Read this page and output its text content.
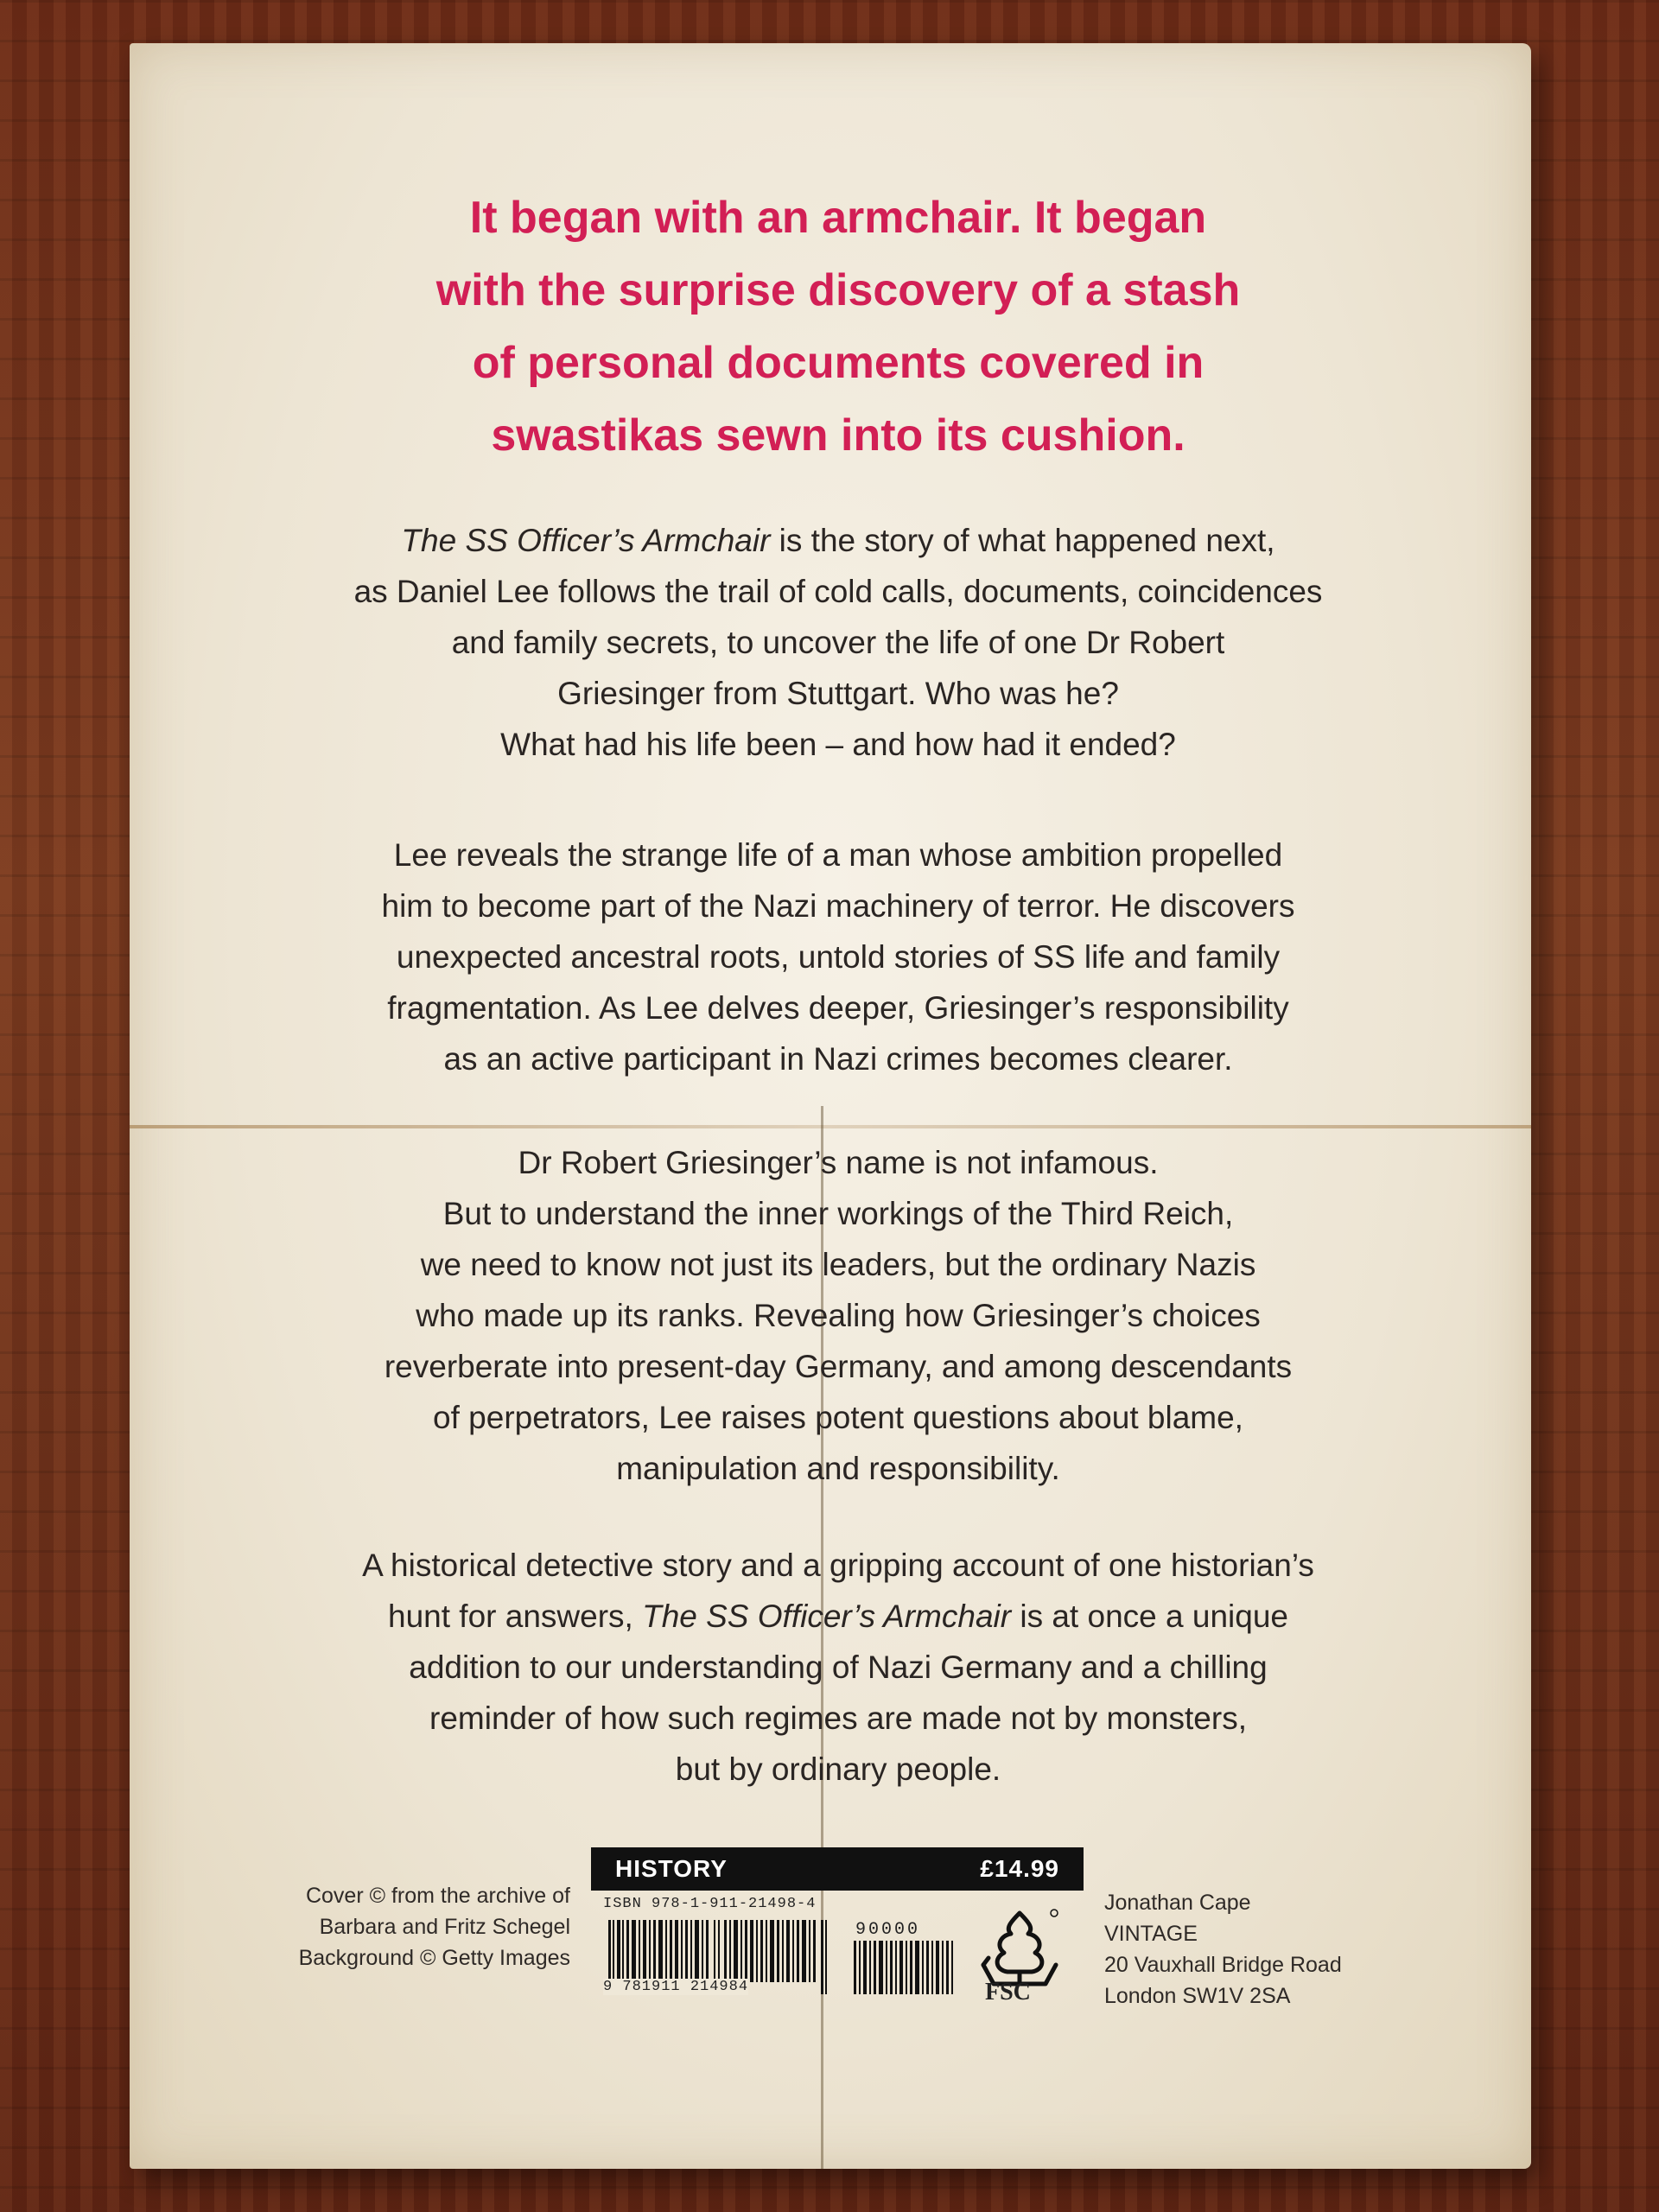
It began with an armchair. It began
with the surprise discovery of a stash
of personal documents covered in
swastikas sewn into its cushion.
The SS Officer’s Armchair is the story of what happened next,
as Daniel Lee follows the trail of cold calls, documents, coincidences
and family secrets, to uncover the life of one Dr Robert
Griesinger from Stuttgart. Who was he?
What had his life been – and how had it ended?
Lee reveals the strange life of a man whose ambition propelled
him to become part of the Nazi machinery of terror. He discovers
unexpected ancestral roots, untold stories of SS life and family
fragmentation. As Lee delves deeper, Griesinger’s responsibility
as an active participant in Nazi crimes becomes clearer.
Dr Robert Griesinger’s name is not infamous.
But to understand the inner workings of the Third Reich,
we need to know not just its leaders, but the ordinary Nazis
who made up its ranks. Revealing how Griesinger’s choices
reverberate into present-day Germany, and among descendants
of perpetrators, Lee raises potent questions about blame,
manipulation and responsibility.
A historical detective story and a gripping account of one historian’s
hunt for answers, The SS Officer’s Armchair is at once a unique
addition to our understanding of Nazi Germany and a chilling
reminder of how such regimes are made not by monsters,
but by ordinary people.
Cover © from the archive of
Barbara and Fritz Schegel
Background © Getty Images
HISTORY	£14.99
ISBN 978-1-911-21498-4
9 781911 214984
90000
FSC
Jonathan Cape
VINTAGE
20 Vauxhall Bridge Road
London SW1V 2SA
